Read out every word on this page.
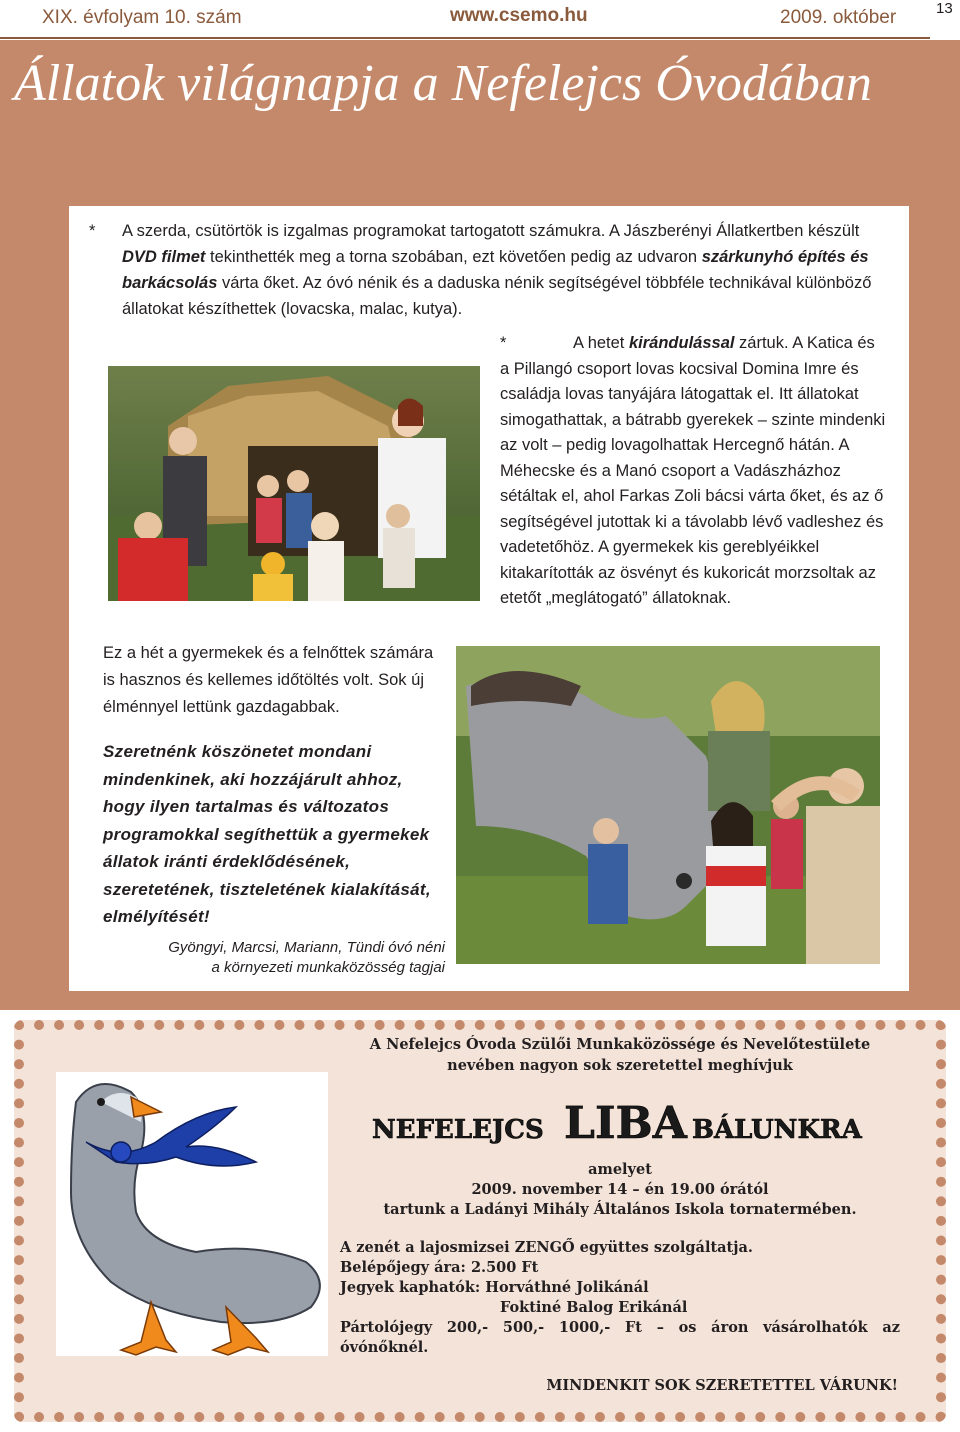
XIX. évfolyam 10. szám	www.csemo.hu	2009. október	13
Állatok világnapja a Nefelejcs Óvodában
* A szerda, csütörtök is izgalmas programokat tartogatott számukra. A Jászberényi Állatkertben készült DVD filmet tekinthették meg a torna szobában, ezt követően pedig az udvaron szárkunyhó építés és barkácsolás várta őket. Az óvó nénik és a daduska nénik segítségével többféle technikával különböző állatokat készíthettek (lovacska, malac, kutya).
*	A hetet kirándulással zártuk. A Katica és a Pillangó csoport lovas kocsival Domina Imre és családja lovas tanyájára látogattak el. Itt állatokat simogathattak, a bátrabb gyerekek – szinte mindenki az volt – pedig lovagolhattak Hercegnő hátán. A Méhecske és a Manó csoport a Vadászházhoz sétáltak el, ahol Farkas Zoli bácsi várta őket, és az ő segítségével jutottak ki a távolabb lévő vadleshez és vadetetőhöz. A gyermekek kis gereblyéikkel kitakarították az ösvényt és kukoricát morzsoltak az etetőt „meglátogató” állatoknak.
Ez a hét a gyermekek és a felnőttek számára is hasznos és kellemes időtöltés volt. Sok új élménnyel lettünk gazdagabbak.
Szeretnénk köszönetet mondani mindenkinek, aki hozzájárult ahhoz, hogy ilyen tartalmas és változatos programokkal segíthettük a gyermekek állatok iránti érdeklődésének, szeretetének, tiszteletének kialakítását, elmélyítését!
Gyöngyi, Marcsi, Mariann, Tündi óvó néni
a környezeti munkaközösség tagjai
A Nefelejcs Óvoda Szülői Munkaközössége és Nevelőtestülete
nevében nagyon sok szeretettel meghívjuk
NEFELEJCS LIBA BÁLUNKRA
amelyet
2009. november 14 – én 19.00 órától
tartunk a Ladányi Mihály Általános Iskola tornatermében.
A zenét a lajosmizsei ZENGŐ együttes szolgáltatja.
Belépőjegy ára: 2.500 Ft
Jegyek kaphatók: Horváthné Jolikánál
Foktiné Balog Erikánál
Pártolójegy 200,- 500,- 1000,- Ft – os áron vásárolhatók az óvónőknél.
MINDENKIT SOK SZERETETTEL VÁRUNK!
